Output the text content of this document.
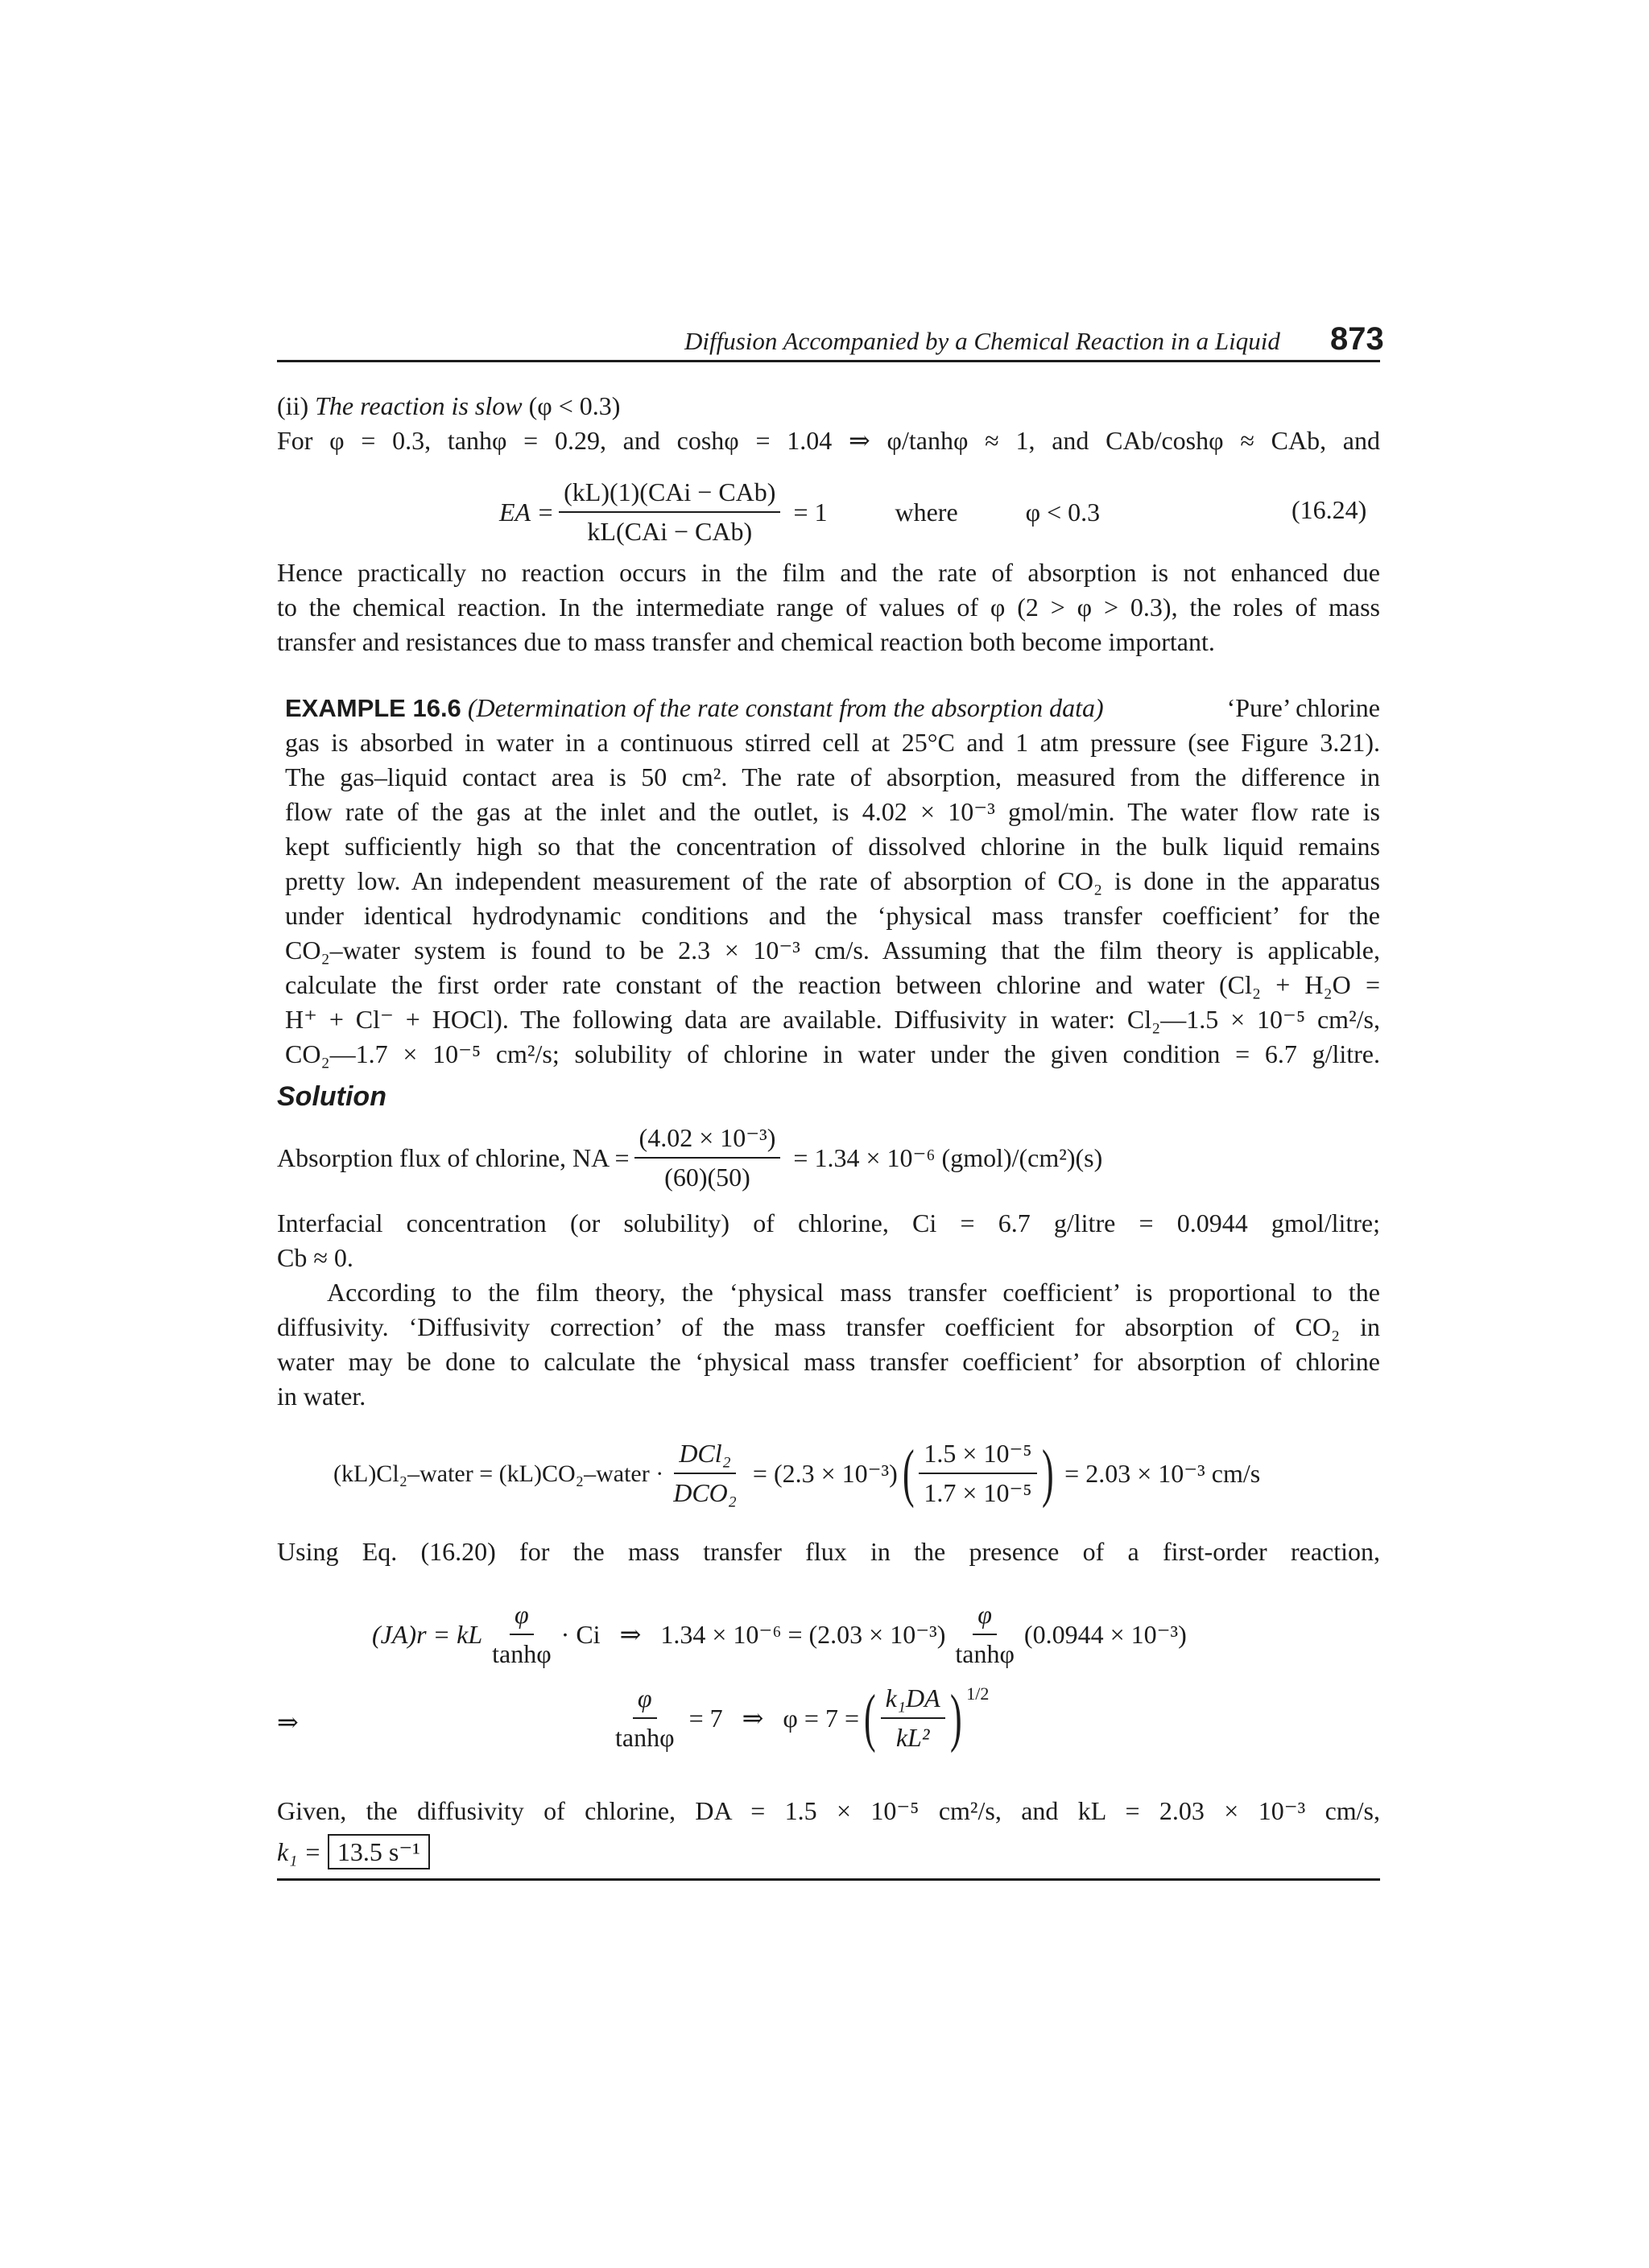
Diffusion Accompanied by a Chemical Reaction in a Liquid 873
(ii) The reaction is slow (φ < 0.3)
For φ = 0.3, tanhφ = 0.29, and coshφ = 1.04 ⇒ φ/tanhφ ≈ 1, and CAb/coshφ ≈ CAb, and
EA = $\frac{\text{(kL)(1)(CAi − CAb)}}{\text{kL(CAi − CAb)}} = 1$	where	φ < 0.3	(16.24)
Hence practically no reaction occurs in the film and the rate of absorption is not enhanced due
to the chemical reaction. In the intermediate range of values of φ (2 > φ > 0.3), the roles of mass
transfer and resistances due to mass transfer and chemical reaction both become important.
EXAMPLE 16.6 (Determination of the rate constant from the absorption data)	‘Pure’ chlorine
gas is absorbed in water in a continuous stirred cell at 25°C and 1 atm pressure (see Figure 3.21).
The gas–liquid contact area is 50 cm². The rate of absorption, measured from the difference in
flow rate of the gas at the inlet and the outlet, is 4.02 × 10⁻³ gmol/min. The water flow rate is
kept sufficiently high so that the concentration of dissolved chlorine in the bulk liquid remains
pretty low. An independent measurement of the rate of absorption of CO₂ is done in the apparatus
under identical hydrodynamic conditions and the ‘physical mass transfer coefficient’ for the
CO₂–water system is found to be 2.3 × 10⁻³ cm/s. Assuming that the film theory is applicable,
calculate the first order rate constant of the reaction between chlorine and water (Cl₂ + H₂O =
H⁺ + Cl⁻ + HOCl). The following data are available. Diffusivity in water: Cl₂—1.5 × 10⁻⁵ cm²/s,
CO₂—1.7 × 10⁻⁵ cm²/s; solubility of chlorine in water under the given condition = 6.7 g/litre.
Solution
Absorption flux of chlorine, NA = $\frac{\text{(4.02 × 10⁻³)}}{(60)(50)} = 1.34 \times 10^{-6}$ (gmol)/(cm²)(s)
Interfacial concentration (or solubility) of chlorine, Ci = 6.7 g/litre = 0.0944 gmol/litre;
Cb ≈ 0.
According to the film theory, the ‘physical mass transfer coefficient’ is proportional to the
diffusivity. ‘Diffusivity correction’ of the mass transfer coefficient for absorption of CO₂ in
water may be done to calculate the ‘physical mass transfer coefficient’ for absorption of chlorine
in water.
(kL)Cl₂–water = (kL)CO₂–water · $\frac{\text{DCl₂}}{\text{DCO₂}} = (2.3 \times 10^{-3})$ ( $\frac{\text{1.5 × 10⁻⁵}}{\text{1.7 × 10⁻⁵}}$ ) = 2.03 × 10⁻³ cm/s
Using Eq. (16.20) for the mass transfer flux in the presence of a first-order reaction,
(JA)r = kL $\frac{\varphi}{\tanh\varphi} \cdot Ci$   ⇒   $1.34 \times 10^{-6} = (2.03 \times 10^{-3}) \frac{\varphi}{\tanh\varphi} (0.0944 \times 10^{-3})$
⇒	$\frac{\varphi}{\tanh\varphi} = 7$   ⇒   φ = 7 = ( $\frac{\text{k₁DA}}{\text{kL²}}$ ) 1/2
Given, the diffusivity of chlorine, DA = 1.5 × 10⁻⁵ cm²/s, and kL = 2.03 × 10⁻³ cm/s,
k₁ = 13.5 s⁻¹
